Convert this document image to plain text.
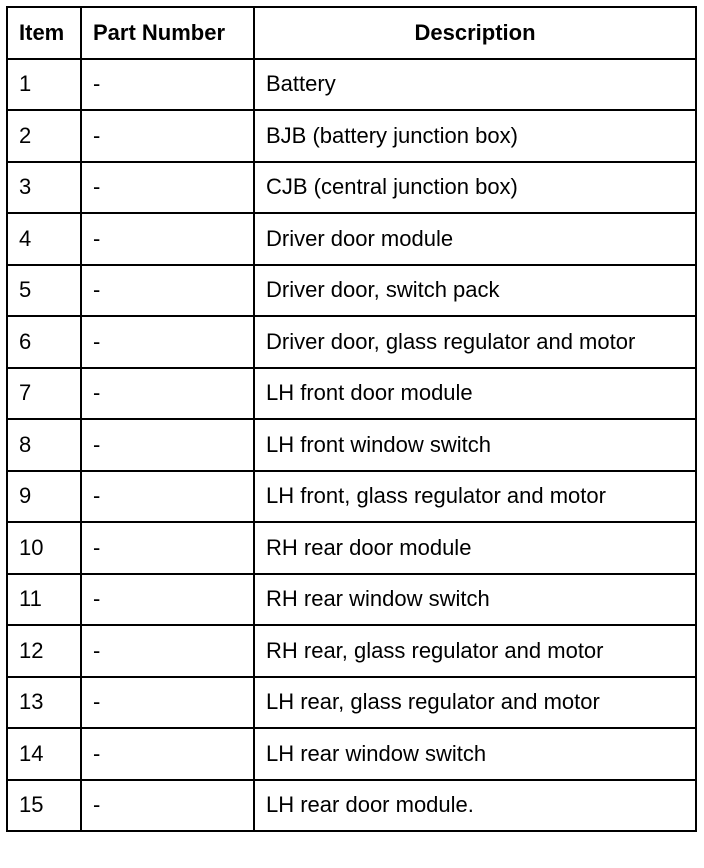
Item	Part Number	Description
1	-	Battery
2	-	BJB (battery junction box)
3	-	CJB (central junction box)
4	-	Driver door module
5	-	Driver door, switch pack
6	-	Driver door, glass regulator and motor
7	-	LH front door module
8	-	LH front window switch
9	-	LH front, glass regulator and motor
10	-	RH rear door module
11	-	RH rear window switch
12	-	RH rear, glass regulator and motor
13	-	LH rear, glass regulator and motor
14	-	LH rear window switch
15	-	LH rear door module.
